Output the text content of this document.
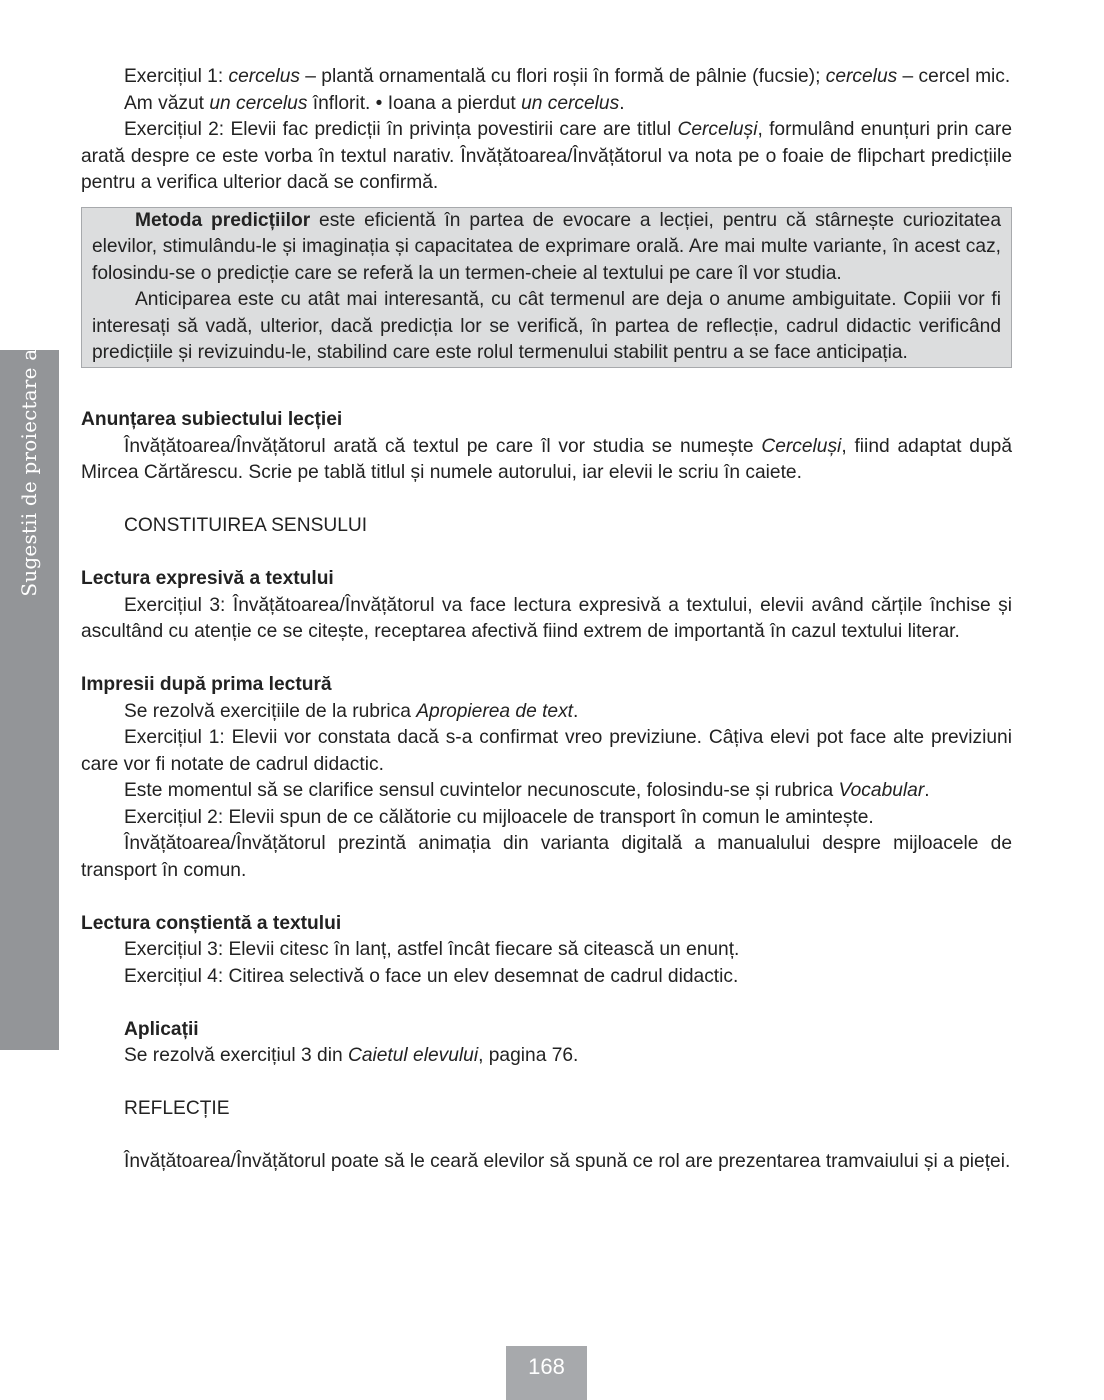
Sugestii de proiectare a fiecărei ore de predare

Exercițiul 1: cercelus – plantă ornamentală cu flori roșii în formă de pâlnie (fucsie); cercelus – cercel mic.

Am văzut un cercelus înflorit. • Ioana a pierdut un cercelus.

Exercițiul 2: Elevii fac predicții în privința povestirii care are titlul Cerceluși, formulând enunțuri prin care arată despre ce este vorba în textul narativ. Învățătoarea/Învățătorul va nota pe o foaie de flipchart predicțiile pentru a verifica ulterior dacă se confirmă.

Metoda predicțiilor este eficientă în partea de evocare a lecției, pentru că stârnește curiozitatea elevilor, stimulându-le și imaginația și capacitatea de exprimare orală. Are mai multe variante, în acest caz, folosindu-se o predicție care se referă la un termen-cheie al textului pe care îl vor studia.

Anticiparea este cu atât mai interesantă, cu cât termenul are deja o anume ambiguitate. Copiii vor fi interesați să vadă, ulterior, dacă predicția lor se verifică, în partea de reflecție, cadrul didactic verificând predicțiile și revizuindu-le, stabilind care este rolul termenului stabilit pentru a se face anticipația.

Anunțarea subiectului lecției

Învățătoarea/Învățătorul arată că textul pe care îl vor studia se numește Cerceluși, fiind adaptat după Mircea Cărtărescu. Scrie pe tablă titlul și numele autorului, iar elevii le scriu în caiete.

CONSTITUIREA SENSULUI

Lectura expresivă a textului

Exercițiul 3: Învățătoarea/Învățătorul va face lectura expresivă a textului, elevii având cărțile închise și ascultând cu atenție ce se citește, receptarea afectivă fiind extrem de importantă în cazul textului literar.

Impresii după prima lectură

Se rezolvă exercițiile de la rubrica Apropierea de text.

Exercițiul 1: Elevii vor constata dacă s-a confirmat vreo previziune. Câțiva elevi pot face alte previziuni care vor fi notate de cadrul didactic.

Este momentul să se clarifice sensul cuvintelor necunoscute, folosindu-se și rubrica Vocabular.

Exercițiul 2: Elevii spun de ce călătorie cu mijloacele de transport în comun le amintește.

Învățătoarea/Învățătorul prezintă animația din varianta digitală a manualului despre mijloacele de transport în comun.

Lectura conștientă a textului

Exercițiul 3: Elevii citesc în lanț, astfel încât fiecare să citească un enunț.

Exercițiul 4: Citirea selectivă o face un elev desemnat de cadrul didactic.

Aplicații

Se rezolvă exercițiul 3 din Caietul elevului, pagina 76.

REFLECȚIE

Învățătoarea/Învățătorul poate să le ceară elevilor să spună ce rol are prezentarea tramvaiului și a pieței.

168
